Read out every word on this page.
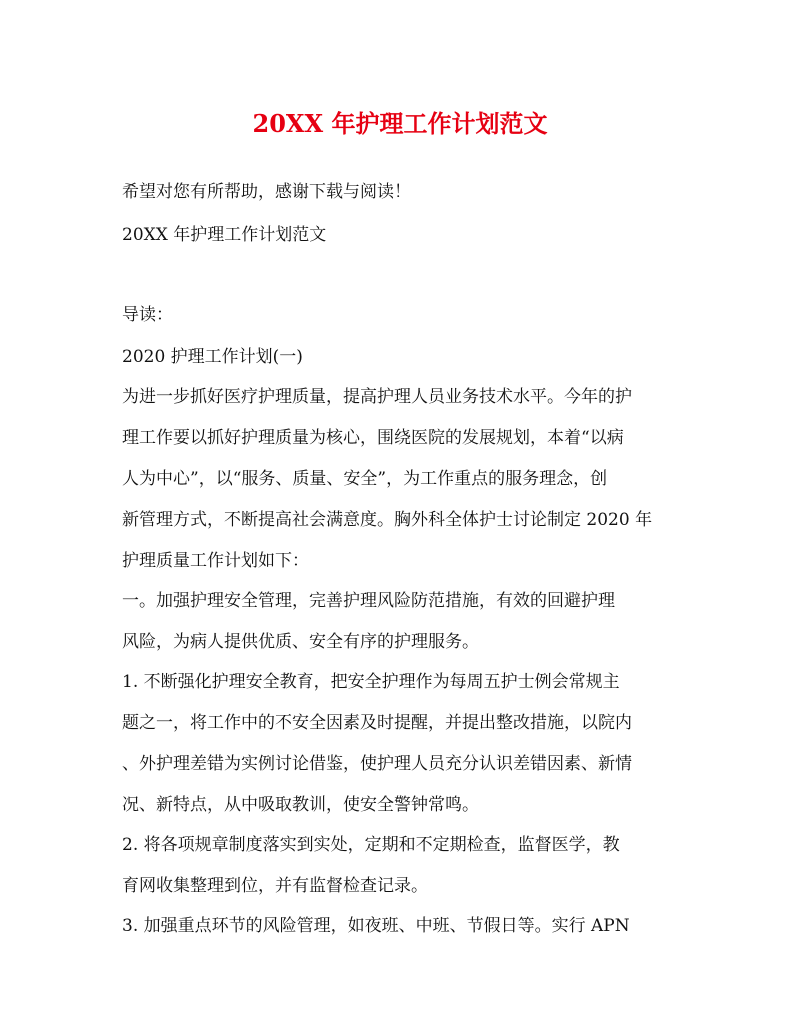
20XX 年护理工作计划范文

希望对您有所帮助，感谢下载与阅读！

20XX 年护理工作计划范文

导读：

2020 护理工作计划(一)

为进一步抓好医疗护理质量，提高护理人员业务技术水平。今年的护

理工作要以抓好护理质量为核心，围绕医院的发展规划，本着“以病

人为中心”，以“服务、质量、安全”，为工作重点的服务理念，创

新管理方式，不断提高社会满意度。胸外科全体护士讨论制定 2020 年

护理质量工作计划如下：

一。加强护理安全管理，完善护理风险防范措施，有效的回避护理

风险，为病人提供优质、安全有序的护理服务。

1. 不断强化护理安全教育，把安全护理作为每周五护士例会常规主

题之一，将工作中的不安全因素及时提醒，并提出整改措施，以院内

、外护理差错为实例讨论借鉴，使护理人员充分认识差错因素、新情

况、新特点，从中吸取教训，使安全警钟常鸣。

2. 将各项规章制度落实到实处，定期和不定期检查，监督医学，教

育网收集整理到位，并有监督检查记录。

3. 加强重点环节的风险管理，如夜班、中班、节假日等。实行 APN
